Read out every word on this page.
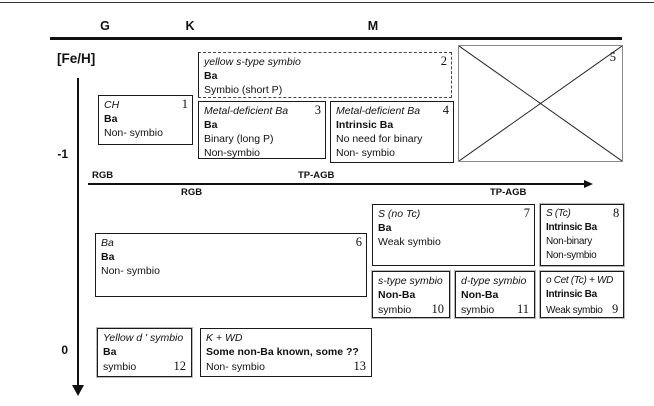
G	K	M
[Fe/H]
-1
0
RGB	TP-AGB
RGB	TP-AGB
1
CH
Ba
Non- symbio
2
yellow s-type symbio
Ba
Symbio (short P)
3
Metal-deficient Ba
Ba
Binary (long P)
Non-symbio
4
Metal-deficient Ba
Intrinsic Ba
No need for binary
Non- symbio
5
6
Ba
Ba
Non- symbio
7
S (no Tc)
Ba
Weak symbio
8
S (Tc)
Intrinsic Ba
Non-binary
Non-symbio
o Cet (Tc) + WD
Intrinsic Ba
Weak symbio 9
s-type symbio
Non-Ba
symbio 10
d-type symbio
Non-Ba
symbio 11
Yellow d ' symbio
Ba
symbio	12
K + WD
Some non-Ba known, some ??
Non- symbio	13
